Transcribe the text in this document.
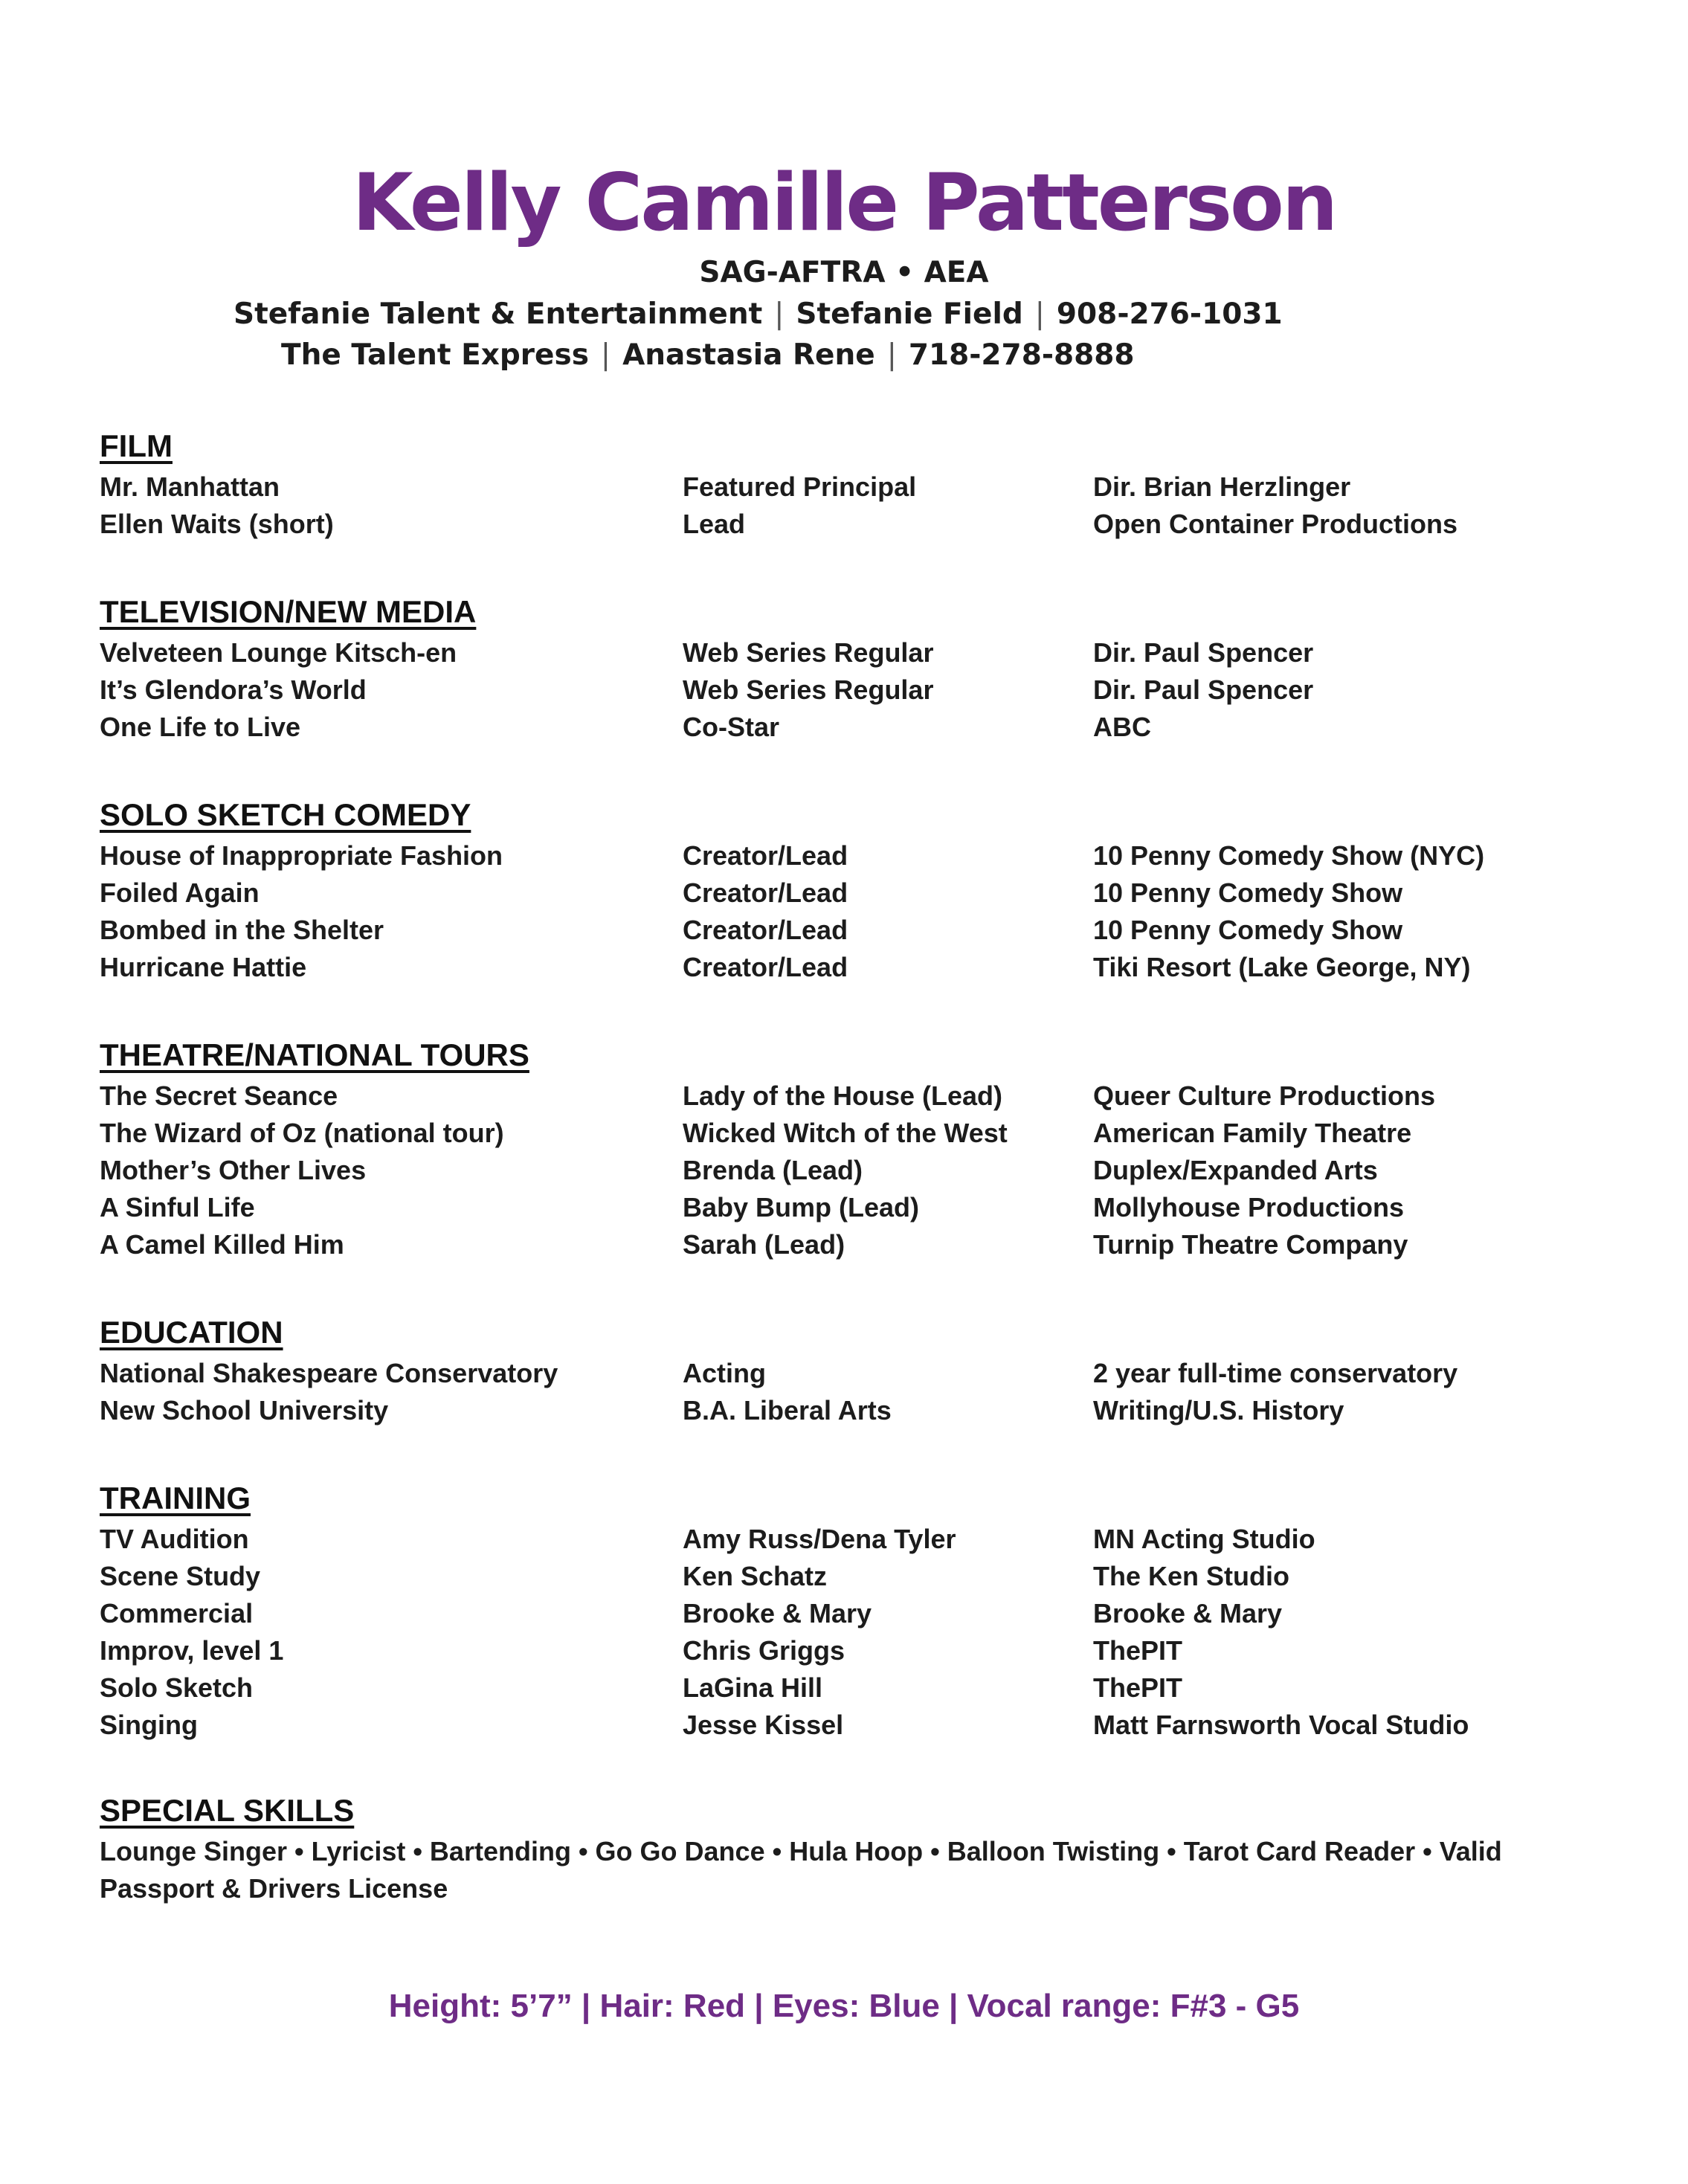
Kelly Camille Patterson
SAG-AFTRA • AEA
Stefanie Talent & Entertainment | Stefanie Field | 908-276-1031
The Talent Express | Anastasia Rene | 718-278-8888
FILM
Mr. Manhattan	Featured Principal	Dir. Brian Herzlinger
Ellen Waits (short)	Lead	Open Container Productions
TELEVISION/NEW MEDIA
Velveteen Lounge Kitsch-en	Web Series Regular	Dir. Paul Spencer
It’s Glendora’s World	Web Series Regular	Dir. Paul Spencer
One Life to Live	Co-Star	ABC
SOLO SKETCH COMEDY
House of Inappropriate Fashion	Creator/Lead	10 Penny Comedy Show (NYC)
Foiled Again	Creator/Lead	10 Penny Comedy Show
Bombed in the Shelter	Creator/Lead	10 Penny Comedy Show
Hurricane Hattie	Creator/Lead	Tiki Resort (Lake George, NY)
THEATRE/NATIONAL TOURS
The Secret Seance	Lady of the House (Lead)	Queer Culture Productions
The Wizard of Oz (national tour)	Wicked Witch of the West	American Family Theatre
Mother’s Other Lives	Brenda (Lead)	Duplex/Expanded Arts
A Sinful Life	Baby Bump (Lead)	Mollyhouse Productions
A Camel Killed Him	Sarah (Lead)	Turnip Theatre Company
EDUCATION
National Shakespeare Conservatory	Acting	2 year full-time conservatory
New School University	B.A. Liberal Arts	Writing/U.S. History
TRAINING
TV Audition	Amy Russ/Dena Tyler	MN Acting Studio
Scene Study	Ken Schatz	The Ken Studio
Commercial	Brooke & Mary	Brooke & Mary
Improv, level 1	Chris Griggs	ThePIT
Solo Sketch	LaGina Hill	ThePIT
Singing	Jesse Kissel	Matt Farnsworth Vocal Studio
SPECIAL SKILLS
Lounge Singer • Lyricist • Bartending • Go Go Dance • Hula Hoop • Balloon Twisting • Tarot Card Reader • Valid Passport & Drivers License
Height: 5’7” | Hair: Red | Eyes: Blue | Vocal range: F#3 - G5
